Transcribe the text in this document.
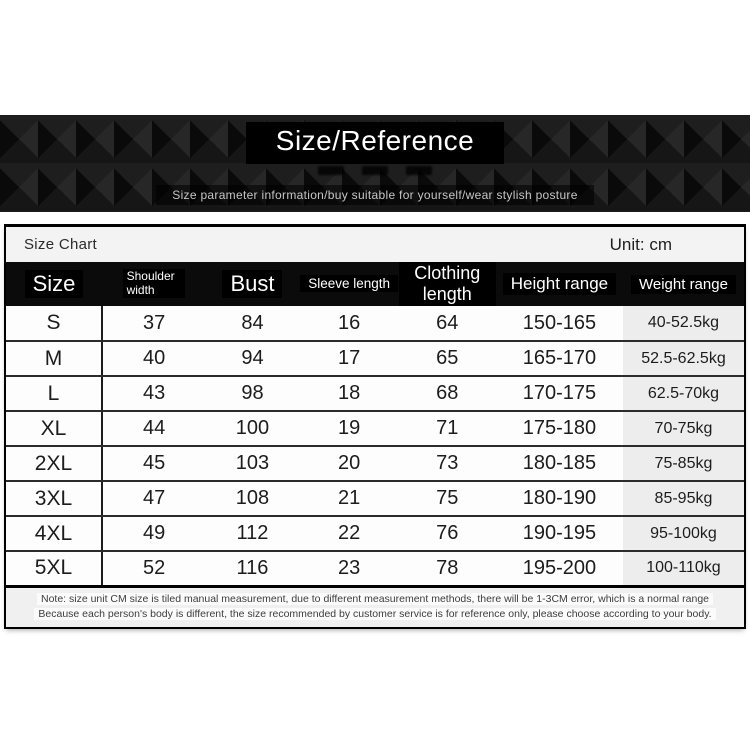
Size/Reference
Size parameter information/buy suitable for yourself/wear stylish posture
Size Chart	Unit: cm
Size	Shoulder width	Bust	Sleeve length	Clothing length	Height range	Weight range
S	37	84	16	64	150-165	40-52.5kg
M	40	94	17	65	165-170	52.5-62.5kg
L	43	98	18	68	170-175	62.5-70kg
XL	44	100	19	71	175-180	70-75kg
2XL	45	103	20	73	180-185	75-85kg
3XL	47	108	21	75	180-190	85-95kg
4XL	49	112	22	76	190-195	95-100kg
5XL	52	116	23	78	195-200	100-110kg

Note: size unit CM size is tiled manual measurement, due to different measurement methods, there will be 1-3CM error, which is a normal range
Because each person's body is different, the size recommended by customer service is for reference only, please choose according to your body.						
